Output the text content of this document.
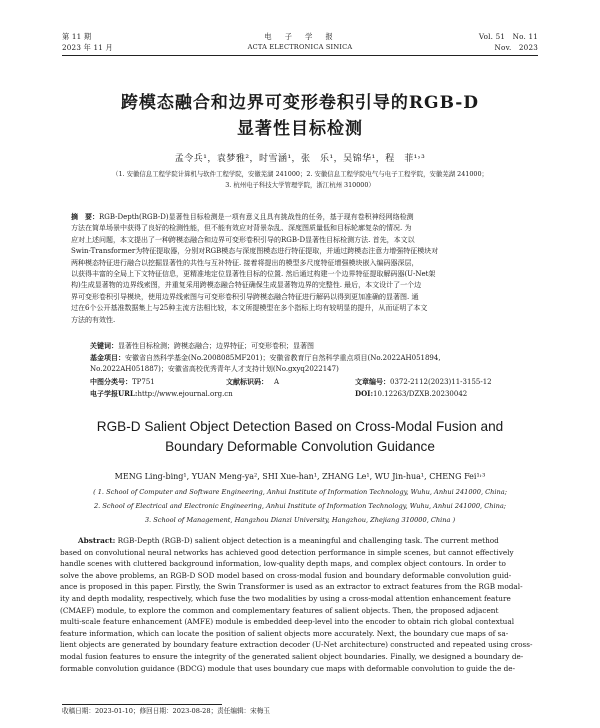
第 11 期
2023 年 11 月
电　子　学　报
ACTA ELECTRONICA SINICA
Vol. 51   No. 11
Nov.   2023
跨模态融合和边界可变形卷积引导的RGB-D
显著性目标检测
孟令兵¹，袁梦雅²，时雪涵¹，张　乐¹，吴锦华¹，程　菲¹˒³
（1. 安徽信息工程学院计算机与软件工程学院，安徽芜湖 241000；2. 安徽信息工程学院电气与电子工程学院，安徽芜湖 241000；
3. 杭州电子科技大学管理学院，浙江杭州 310000）
摘　要：RGB-Depth(RGB-D)显著性目标检测是一项有意义且具有挑战性的任务，基于现有卷积神经网络检测
方法在简单场景中获得了良好的检测性能，但不能有效应对背景杂乱、深度图质量低和目标轮廓复杂的情况. 为
应对上述问题，本文提出了一种跨模态融合和边界可变形卷积引导的RGB-D显著性目标检测方法. 首先，本文以
Swin-Transformer为特征提取器，分别对RGB模态与深度图模态进行特征提取，并通过跨模态注意力增强特征模块对
两种模态特征进行融合以挖掘显著性的共性与互补特征. 接着将提出的模型多尺度特征增强模块嵌入编码器深层，
以获得丰富的全局上下文特征信息，更精准地定位显著性目标的位置. 然后通过构建一个边界特征提取解码器(U-Net架
构)生成显著物的边界线索图，并重复采用跨模态融合特征确保生成显著物边界的完整性. 最后，本文设计了一个边
界可变形卷积引导模块，使用边界线索图与可变形卷积引导跨模态融合特征进行解码以得到更加准确的显著图. 通
过在6个公开基准数据集上与25种主流方法相比较，本文所提模型在多个指标上均有较明显的提升，从而证明了本文
方法的有效性.
关键词：显著性目标检测；跨模态融合；边界特征；可变形卷积；显著图
基金项目：安徽省自然科学基金(No.2008085MF201)；安徽省教育厅自然科学重点项目(No.2022AH051894,
No.2022AH051887)；安徽省高校优秀青年人才支持计划(No.gxyq2022147)
中图分类号：TP751	文献标识码： A	文章编号：0372-2112(2023)11-3155-12
电子学报URL:http://www.ejournal.org.cn	DOI:10.12263/DZXB.20230042
RGB-D Salient Object Detection Based on Cross-Modal Fusion and
Boundary Deformable Convolution Guidance
MENG Ling-bing¹, YUAN Meng-ya², SHI Xue-han¹, ZHANG Le¹, WU Jin-hua¹, CHENG Fei¹˒³
( 1. School of Computer and Software Engineering, Anhui Institute of Information Technology, Wuhu, Anhui 241000, China;
2. School of Electrical and Electronic Engineering, Anhui Institute of Information Technology, Wuhu, Anhui 241000, China;
3. School of Management, Hangzhou Dianzi University, Hangzhou, Zhejiang 310000, China )
Abstract: RGB-Depth (RGB-D) salient object detection is a meaningful and challenging task. The current method
based on convolutional neural networks has achieved good detection performance in simple scenes, but cannot effectively
handle scenes with cluttered background information, low-quality depth maps, and complex object contours. In order to
solve the above problems, an RGB-D SOD model based on cross-modal fusion and boundary deformable convolution guid-
ance is proposed in this paper. Firstly, the Swin Transformer is used as an extractor to extract features from the RGB modal-
ity and depth modality, respectively, which fuse the two modalities by using a cross-modal attention enhancement feature
(CMAEF) module, to explore the common and complementary features of salient objects. Then, the proposed adjacent
multi-scale feature enhancement (AMFE) module is embedded deep-level into the encoder to obtain rich global contextual
feature information, which can locate the position of salient objects more accurately. Next, the boundary cue maps of sa-
lient objects are generated by boundary feature extraction decoder (U-Net architecture) constructed and repeated using cross-
modal fusion features to ensure the integrity of the generated salient object boundaries. Finally, we designed a boundary de-
formable convolution guidance (BDCG) module that uses boundary cue maps with deformable convolution to guide the de-
收稿日期：2023-01-10；修回日期：2023-08-28；责任编辑：宋梅玉
